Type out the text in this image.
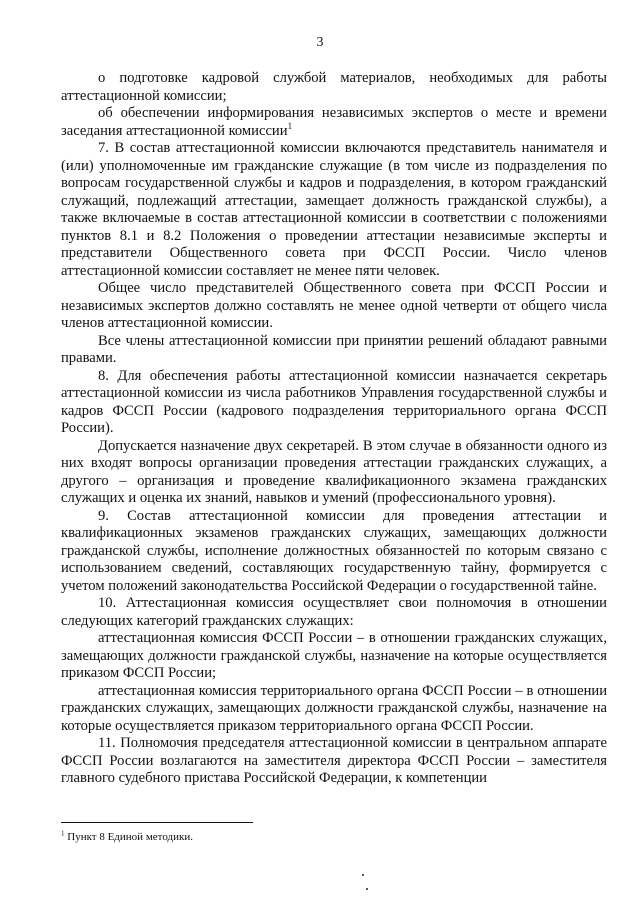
3

о подготовке кадровой службой материалов, необходимых для работы аттестационной комиссии;

об обеспечении информирования независимых экспертов о месте и времени заседания аттестационной комиссии$^1$

7. В состав аттестационной комиссии включаются представитель нанимателя и (или) уполномоченные им гражданские служащие (в том числе из подразделения по вопросам государственной службы и кадров и подразделения, в котором гражданский служащий, подлежащий аттестации, замещает должность гражданской службы), а также включаемые в состав аттестационной комиссии в соответствии с положениями пунктов 8.1 и 8.2 Положения о проведении аттестации независимые эксперты и представители Общественного совета при ФССП России. Число членов аттестационной комиссии составляет не менее пяти человек.

Общее число представителей Общественного совета при ФССП России и независимых экспертов должно составлять не менее одной четверти от общего числа членов аттестационной комиссии.

Все члены аттестационной комиссии при принятии решений обладают равными правами.

8. Для обеспечения работы аттестационной комиссии назначается секретарь аттестационной комиссии из числа работников Управления государственной службы и кадров ФССП России (кадрового подразделения территориального органа ФССП России).

Допускается назначение двух секретарей. В этом случае в обязанности одного из них входят вопросы организации проведения аттестации гражданских служащих, а другого – организация и проведение квалификационного экзамена гражданских служащих и оценка их знаний, навыков и умений (профессионального уровня).

9. Состав аттестационной комиссии для проведения аттестации и квалификационных экзаменов гражданских служащих, замещающих должности гражданской службы, исполнение должностных обязанностей по которым связано с использованием сведений, составляющих государственную тайну, формируется с учетом положений законодательства Российской Федерации о государственной тайне.

10. Аттестационная комиссия осуществляет свои полномочия в отношении следующих категорий гражданских служащих:

аттестационная комиссия ФССП России – в отношении гражданских служащих, замещающих должности гражданской службы, назначение на которые осуществляется приказом ФССП России;

аттестационная комиссия территориального органа ФССП России – в отношении гражданских служащих, замещающих должности гражданской службы, назначение на которые осуществляется приказом территориального органа ФССП России.

11. Полномочия председателя аттестационной комиссии в центральном аппарате ФССП России возлагаются на заместителя директора ФССП России – заместителя главного судебного пристава Российской Федерации, к компетенции

$^1$ Пункт 8 Единой методики.
